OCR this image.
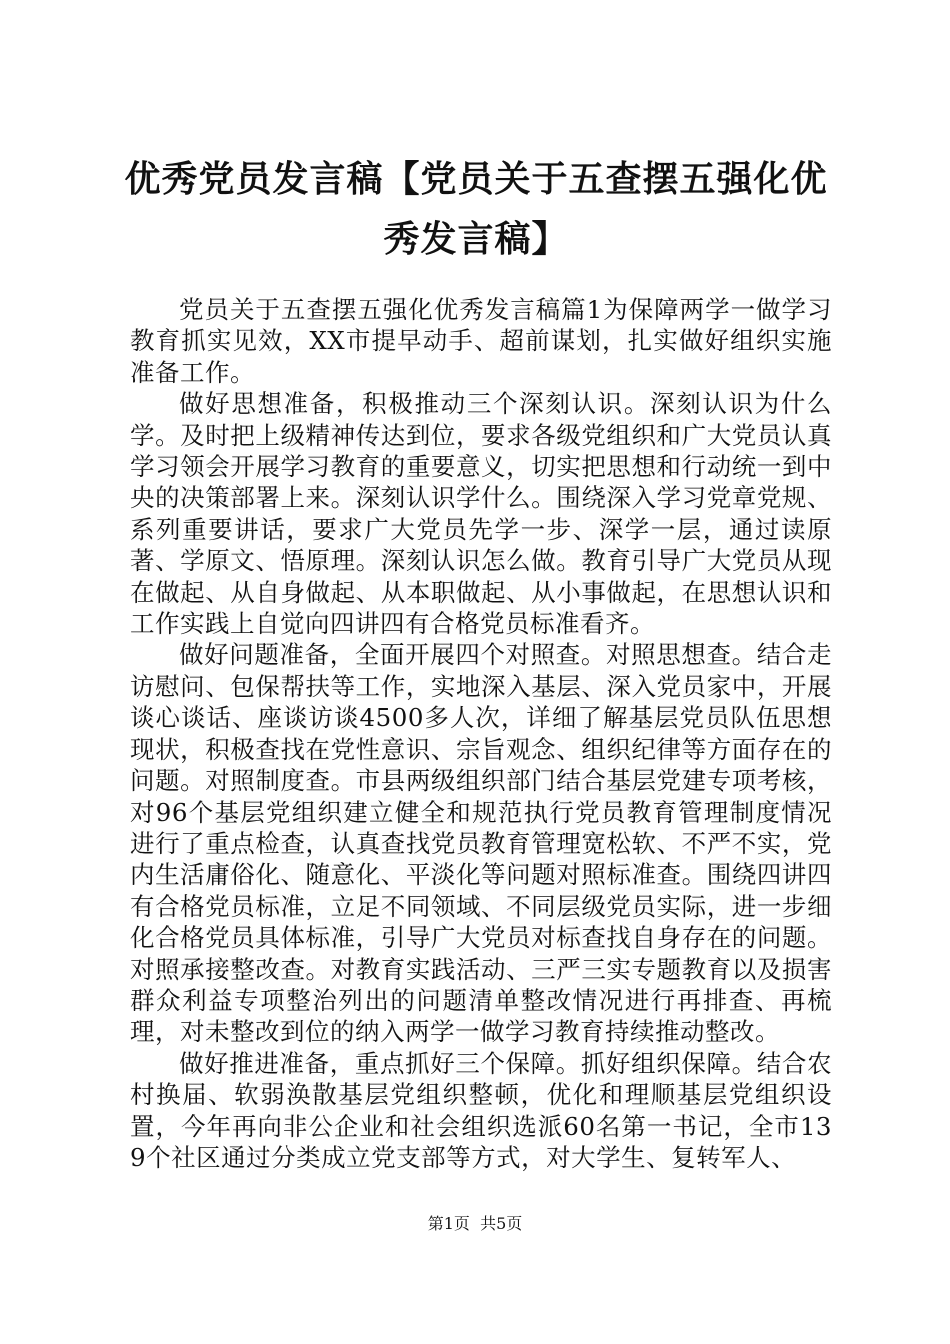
优秀党员发言稿【党员关于五查摆五强化优秀发言稿】

党员关于五查摆五强化优秀发言稿篇1为保障两学一做学习教育抓实见效，XX市提早动手、超前谋划，扎实做好组织实施准备工作。

做好思想准备，积极推动三个深刻认识。深刻认识为什么学。及时把上级精神传达到位，要求各级党组织和广大党员认真学习领会开展学习教育的重要意义，切实把思想和行动统一到中央的决策部署上来。深刻认识学什么。围绕深入学习党章党规、系列重要讲话，要求广大党员先学一步、深学一层，通过读原著、学原文、悟原理。深刻认识怎么做。教育引导广大党员从现在做起、从自身做起、从本职做起、从小事做起，在思想认识和工作实践上自觉向四讲四有合格党员标准看齐。

做好问题准备，全面开展四个对照查。对照思想查。结合走访慰问、包保帮扶等工作，实地深入基层、深入党员家中，开展谈心谈话、座谈访谈4500多人次，详细了解基层党员队伍思想现状，积极查找在党性意识、宗旨观念、组织纪律等方面存在的问题。对照制度查。市县两级组织部门结合基层党建专项考核，对96个基层党组织建立健全和规范执行党员教育管理制度情况进行了重点检查，认真查找党员教育管理宽松软、不严不实，党内生活庸俗化、随意化、平淡化等问题对照标准查。围绕四讲四有合格党员标准，立足不同领域、不同层级党员实际，进一步细化合格党员具体标准，引导广大党员对标查找自身存在的问题。对照承接整改查。对教育实践活动、三严三实专题教育以及损害群众利益专项整治列出的问题清单整改情况进行再排查、再梳理，对未整改到位的纳入两学一做学习教育持续推动整改。

做好推进准备，重点抓好三个保障。抓好组织保障。结合农村换届、软弱涣散基层党组织整顿，优化和理顺基层党组织设置，今年再向非公企业和社会组织选派60名第一书记，全市139个社区通过分类成立党支部等方式，对大学生、复转军人、

第1页 共5页
